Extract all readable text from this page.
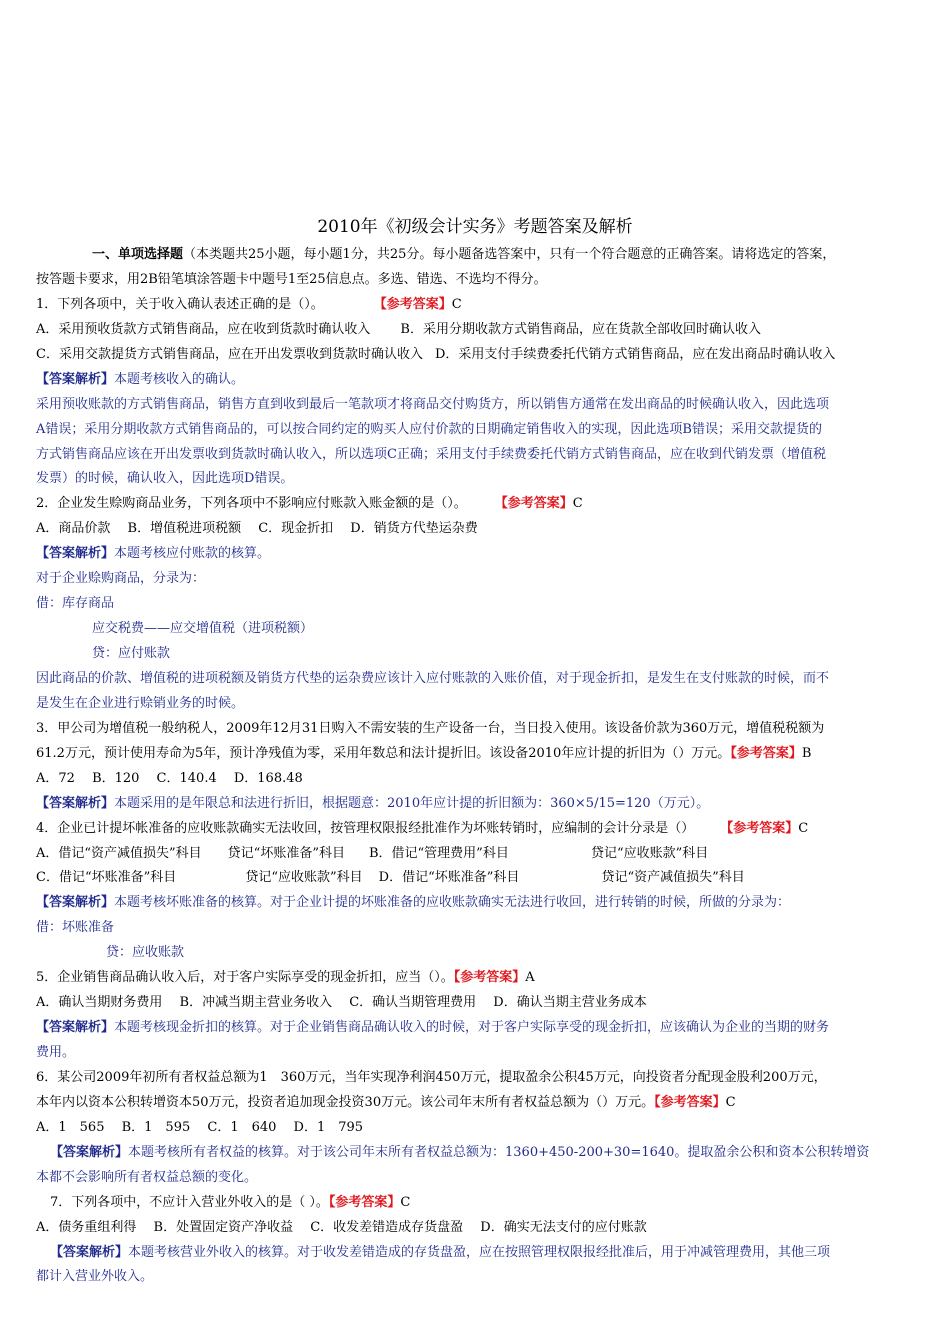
2010年《初级会计实务》考题答案及解析
一、单项选择题（本类题共25小题，每小题1分，共25分。每小题备选答案中，只有一个符合题意的正确答案。请将选定的答案，
按答题卡要求，用2B铅笔填涂答题卡中题号1至25信息点。多选、错选、不选均不得分。
1．下列各项中，关于收入确认表述正确的是（）。	【参考答案】C
A．采用预收货款方式销售商品，应在收到货款时确认收入 B．采用分期收款方式销售商品，应在货款全部收回时确认收入
C．采用交款提货方式销售商品，应在开出发票收到货款时确认收入 D．采用支付手续费委托代销方式销售商品，应在发出商品时确认收入
【答案解析】本题考核收入的确认。
采用预收账款的方式销售商品，销售方直到收到最后一笔款项才将商品交付购货方，所以销售方通常在发出商品的时候确认收入，因此选项
A错误；采用分期收款方式销售商品的，可以按合同约定的购买人应付价款的日期确定销售收入的实现，因此选项B错误；采用交款提货的
方式销售商品应该在开出发票收到货款时确认收入，所以选项C正确；采用支付手续费委托代销方式销售商品，应在收到代销发票（增值税
发票）的时候，确认收入，因此选项D错误。
2．企业发生赊购商品业务，下列各项中不影响应付账款入账金额的是（）。 【参考答案】C
A．商品价款　 B．增值税进项税额　 C．现金折扣　 D．销货方代垫运杂费
【答案解析】本题考核应付账款的核算。
对于企业赊购商品，分录为：
借：库存商品
应交税费——应交增值税（进项税额）
贷：应付账款
因此商品的价款、增值税的进项税额及销货方代垫的运杂费应该计入应付账款的入账价值，对于现金折扣，是发生在支付账款的时候，而不
是发生在企业进行赊销业务的时候。
3．甲公司为增值税一般纳税人，2009年12月31日购入不需安装的生产设备一台，当日投入使用。该设备价款为360万元，增值税税额为
61.2万元，预计使用寿命为5年，预计净残值为零，采用年数总和法计提折旧。该设备2010年应计提的折旧为（）万元。【参考答案】B
A．72　 B．120　 C．140.4　 D．168.48
【答案解析】本题采用的是年限总和法进行折旧，根据题意：2010年应计提的折旧额为：360×5/15=120（万元）。
4．企业已计提坏帐准备的应收账款确实无法收回，按管理权限报经批准作为坏账转销时，应编制的会计分录是（） 【参考答案】C
A．借记“资产减值损失”科目　　贷记“坏账准备”科目 B．借记“管理费用”科目　　　　　　 贷记“应收账款”科目
C．借记“坏账准备”科目　　　　　 贷记“应收账款”科目 D．借记“坏账准备”科目　　　　　　 贷记“资产减值损失”科目
【答案解析】本题考核坏账准备的核算。对于企业计提的坏账准备的应收账款确实无法进行收回，进行转销的时候，所做的分录为：
借：坏账准备
贷：应收账款
5．企业销售商品确认收入后，对于客户实际享受的现金折扣，应当（）。【参考答案】A
A．确认当期财务费用　 B．冲减当期主营业务收入　 C．确认当期管理费用　 D．确认当期主营业务成本
【答案解析】本题考核现金折扣的核算。对于企业销售商品确认收入的时候，对于客户实际享受的现金折扣，应该确认为企业的当期的财务
费用。
6．某公司2009年初所有者权益总额为1　360万元，当年实现净利润450万元，提取盈余公积45万元，向投资者分配现金股利200万元，
本年内以资本公积转增资本50万元，投资者追加现金投资30万元。该公司年末所有者权益总额为（）万元。【参考答案】C
A．1　565　 B．1　595　 C．1　640　 D．1　795
【答案解析】本题考核所有者权益的核算。对于该公司年末所有者权益总额为：1360+450-200+30=1640。提取盈余公积和资本公积转增资
本都不会影响所有者权益总额的变化。
7．下列各项中，不应计入营业外收入的是（ ）。【参考答案】C
A．债务重组利得　 B．处置固定资产净收益　 C．收发差错造成存货盘盈　 D．确实无法支付的应付账款
【答案解析】本题考核营业外收入的核算。对于收发差错造成的存货盘盈，应在按照管理权限报经批准后，用于冲减管理费用，其他三项
都计入营业外收入。
